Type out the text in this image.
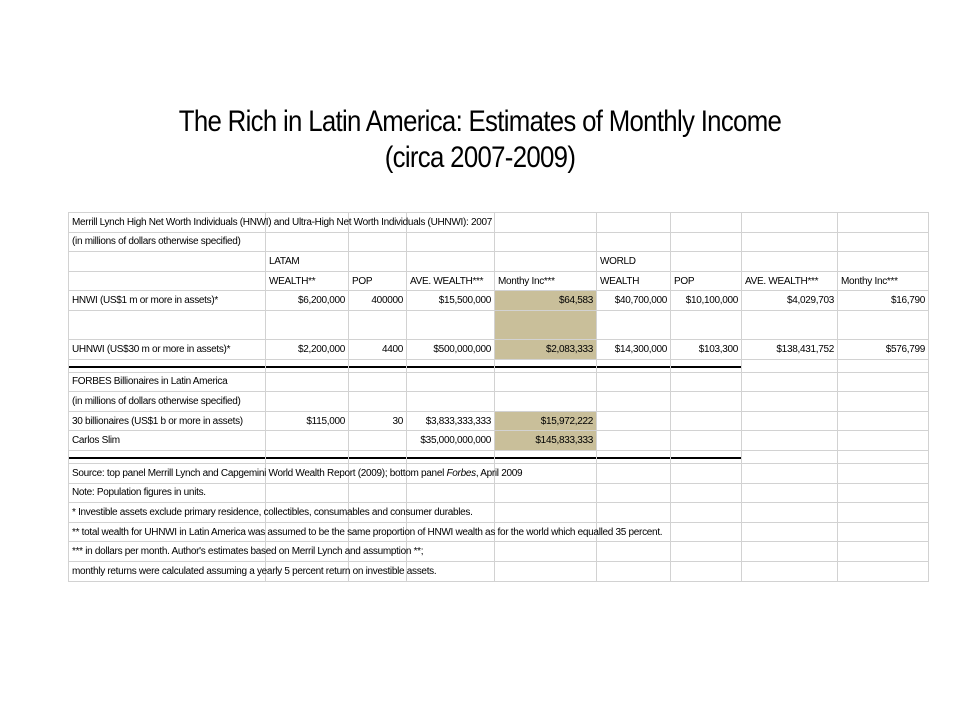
The Rich in Latin America: Estimates of Monthly Income
(circa 2007-2009)
Merrill Lynch High Net Worth Individuals (HNWI) and Ultra-High Net Worth Individuals (UHNWI): 2007								
(in millions of dollars otherwise specified)								
	LATAM				WORLD			
	WEALTH**	POP	AVE. WEALTH***	Monthy Inc***	WEALTH	POP	AVE. WEALTH***	Monthy Inc***
HNWI (US$1 m or more in assets)*	$6,200,000	400000	$15,500,000	$64,583	$40,700,000	$10,100,000	$4,029,703	$16,790

UHNWI (US$30 m or more in assets)*	$2,200,000	4400	$500,000,000	$2,083,333	$14,300,000	$103,300	$138,431,752	$576,799

FORBES Billionaires in Latin America								
(in millions of dollars otherwise specified)								
30 billionaires (US$1 b or more in assets)	$115,000	30	$3,833,333,333	$15,972,222				
Carlos Slim			$35,000,000,000	$145,833,333				

Source: top panel Merrill Lynch and Capgemini World Wealth Report (2009); bottom panel Forbes, April 2009								
Note: Population figures in units.								
* Investible assets exclude primary residence, collectibles, consumables and consumer durables.								
** total wealth for UHNWI in Latin America was assumed to be the same proportion of HNWI wealth as for the world which equalled 35 percent.								
*** in dollars per month. Author's estimates based on Merril Lynch and assumption **;								
monthly returns were calculated assuming a yearly 5 percent return on investible assets.								
